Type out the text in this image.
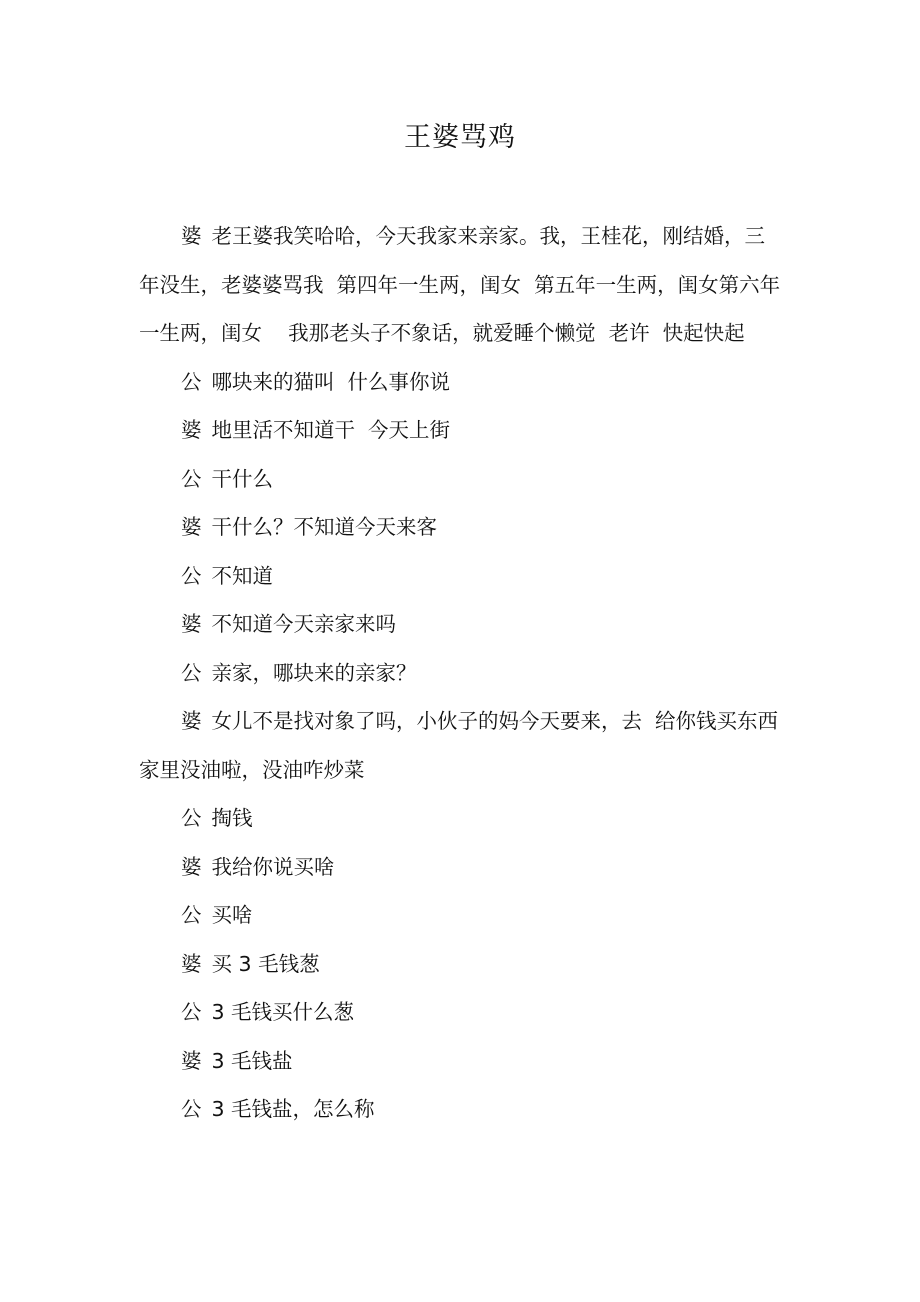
王婆骂鸡

婆 老王婆我笑哈哈，今天我家来亲家。我，王桂花，刚结婚，三年没生，老婆婆骂我  第四年一生两，闺女  第五年一生两，闺女第六年一生两，闺女    我那老头子不象话，就爱睡个懒觉  老许  快起快起

公 哪块来的猫叫  什么事你说

婆 地里活不知道干  今天上街

公 干什么

婆 干什么？不知道今天来客

公 不知道

婆 不知道今天亲家来吗

公 亲家，哪块来的亲家？

婆 女儿不是找对象了吗，小伙子的妈今天要来，去  给你钱买东西  家里没油啦，没油咋炒菜

公 掏钱

婆 我给你说买啥

公 买啥

婆 买 3 毛钱葱

公 3 毛钱买什么葱

婆 3 毛钱盐

公 3 毛钱盐，怎么称
